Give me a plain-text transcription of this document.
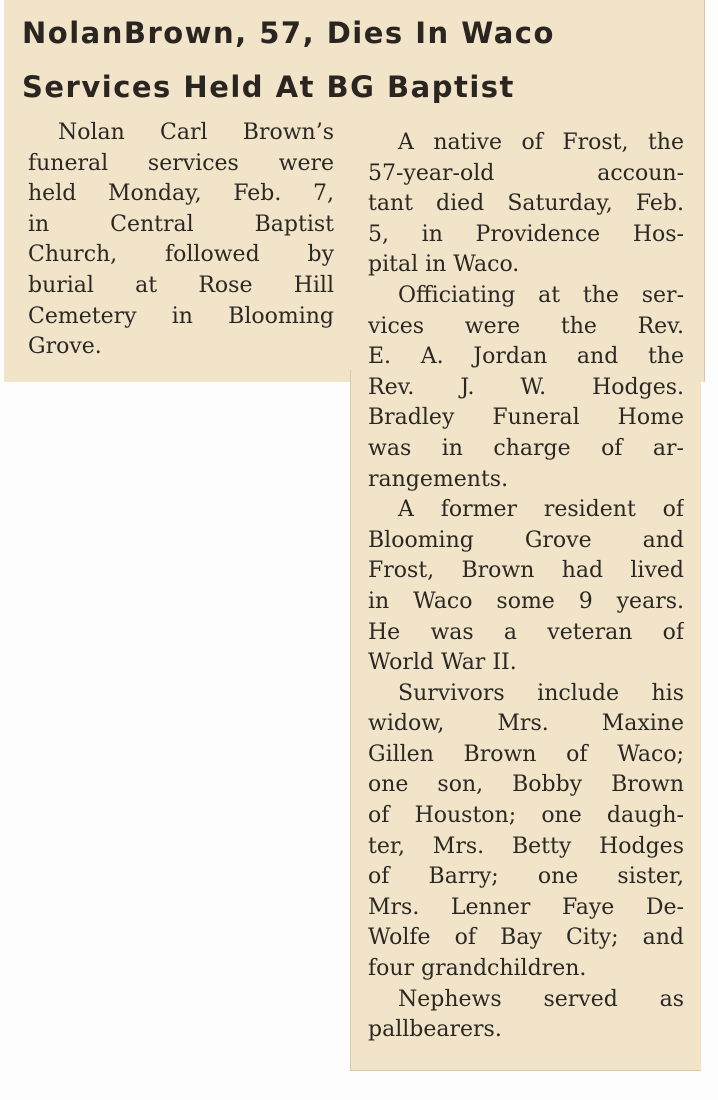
NolanBrown, 57, Dies In Waco
Services Held At BG Baptist
Nolan Carl Brown’s
funeral services were
held Monday, Feb. 7,
in Central Baptist
Church, followed by
burial at Rose Hill
Cemetery in Blooming
Grove.
A native of Frost, the
57-year-old accoun-
tant died Saturday, Feb.
5, in Providence Hos-
pital in Waco.
Officiating at the ser-
vices were the Rev.
E. A. Jordan and the
Rev. J. W. Hodges.
Bradley Funeral Home
was in charge of ar-
rangements.
A former resident of
Blooming Grove and
Frost, Brown had lived
in Waco some 9 years.
He was a veteran of
World War II.
Survivors include his
widow, Mrs. Maxine
Gillen Brown of Waco;
one son, Bobby Brown
of Houston; one daugh-
ter, Mrs. Betty Hodges
of Barry; one sister,
Mrs. Lenner Faye De-
Wolfe of Bay City; and
four grandchildren.
Nephews served as
pallbearers.
